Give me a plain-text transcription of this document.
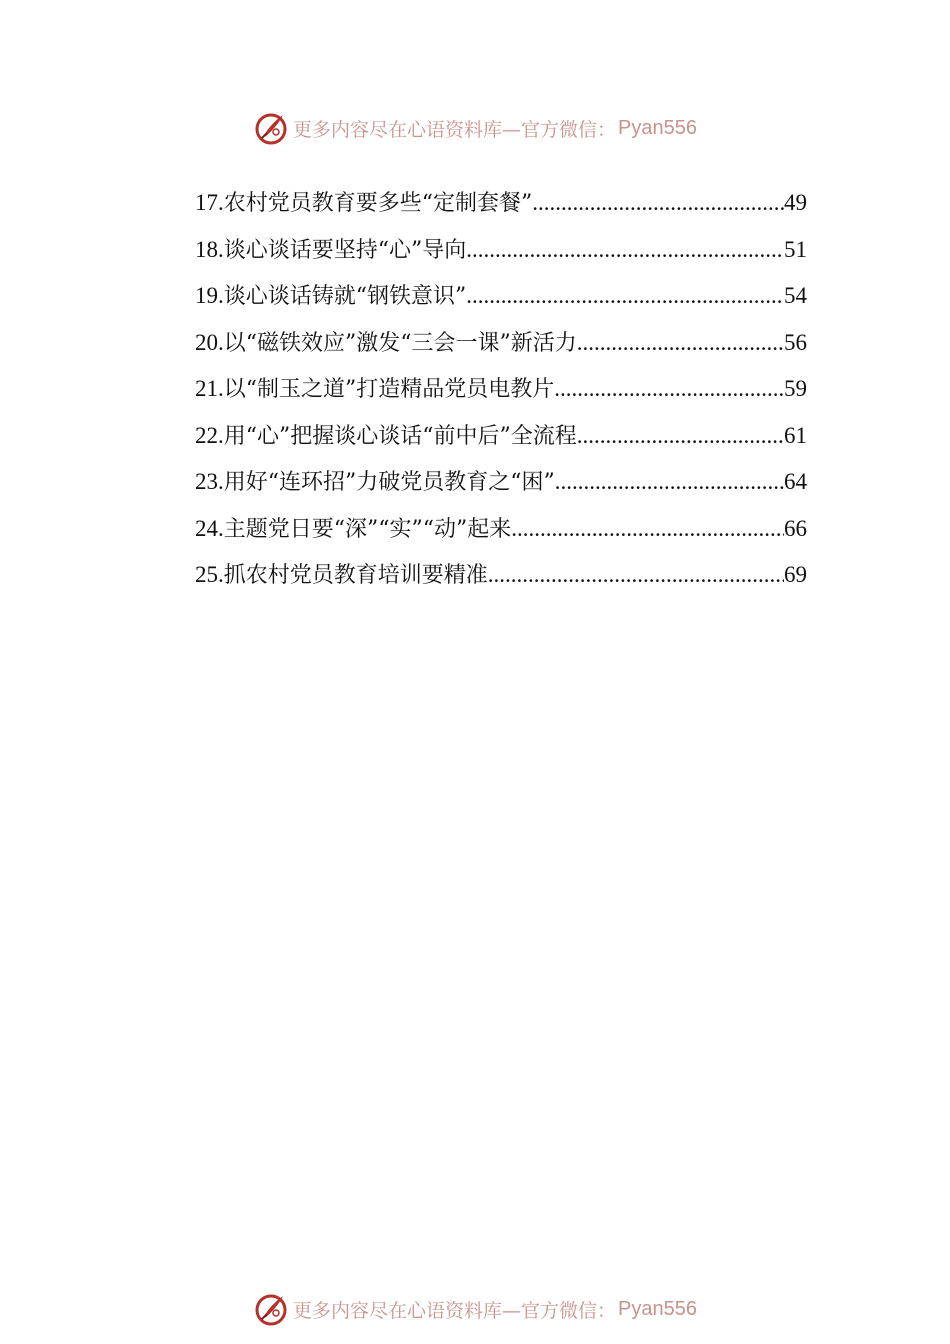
更多内容尽在心语资料库—官方微信： Pyan556
17. 农村党员教育要多些“定制套餐” .....	49
18. 谈心谈话要坚持“心”导向 .....	51
19. 谈心谈话铸就“钢铁意识” .....	54
20. 以“磁铁效应”激发“三会一课”新活力 .....	56
21. 以“制玉之道”打造精品党员电教片 .....	59
22. 用“心”把握谈心谈话“前中后”全流程 .....	61
23. 用好“连环招”力破党员教育之“困” .....	64
24. 主题党日要“深”“实”“动”起来 .....	66
25. 抓农村党员教育培训要精准 .....	69
更多内容尽在心语资料库—官方微信： Pyan556
